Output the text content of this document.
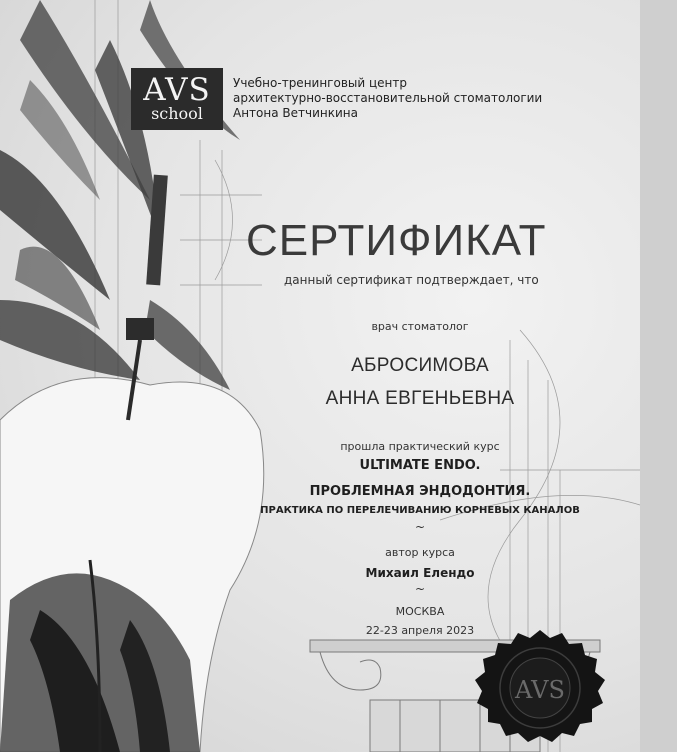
AVS
school
Учебно-тренинговый центр
архитектурно-восстановительной стоматологии
Антона Ветчинкина
СЕРТИФИКАТ
данный сертификат подтверждает, что
врач стоматолог
АБРОСИМОВА
АННА ЕВГЕНЬЕВНА
прошла практический курс
ULTIMATE ENDO.
ПРОБЛЕМНАЯ ЭНДОДОНТИЯ.
ПРАКТИКА ПО ПЕРЕЛЕЧИВАНИЮ КОРНЕВЫХ КАНАЛОВ
~
автор курса
Михаил Елендо
~
МОСКВА
22-23 апреля 2023
AVS
